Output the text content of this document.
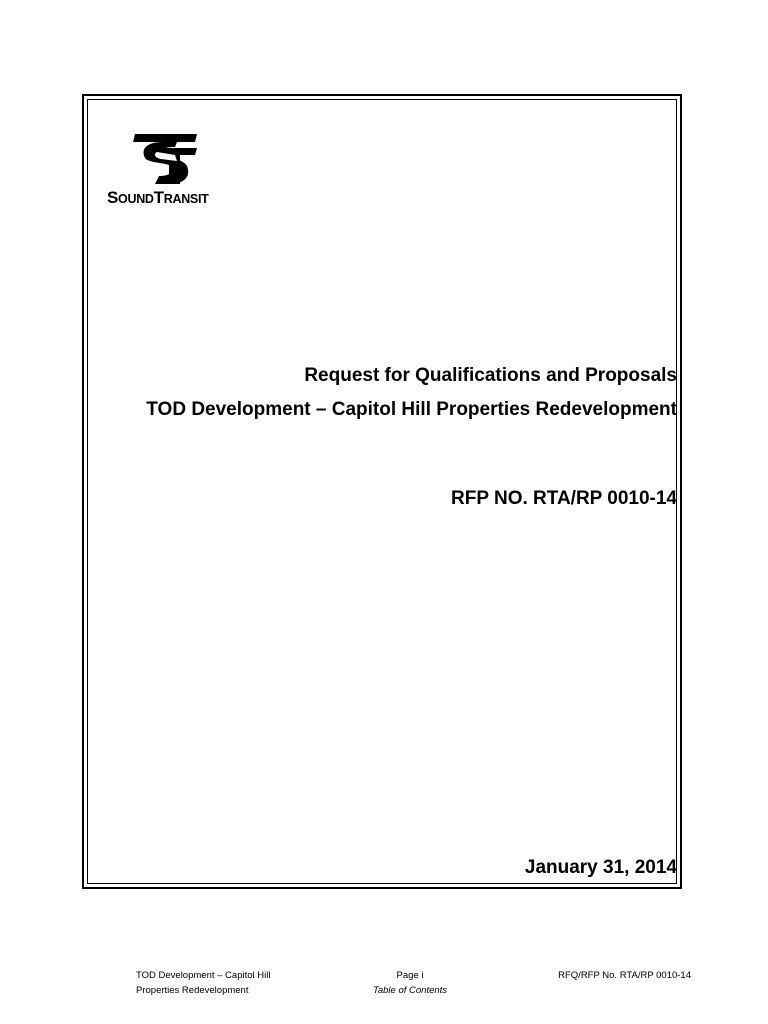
SOUNDTRANSIT
Request for Qualifications and Proposals
TOD Development – Capitol Hill Properties Redevelopment
RFP NO. RTA/RP 0010-14
January 31, 2014
TOD Development – Capitol Hill
Properties Redevelopment
Page i
Table of Contents
RFQ/RFP No. RTA/RP 0010-14
